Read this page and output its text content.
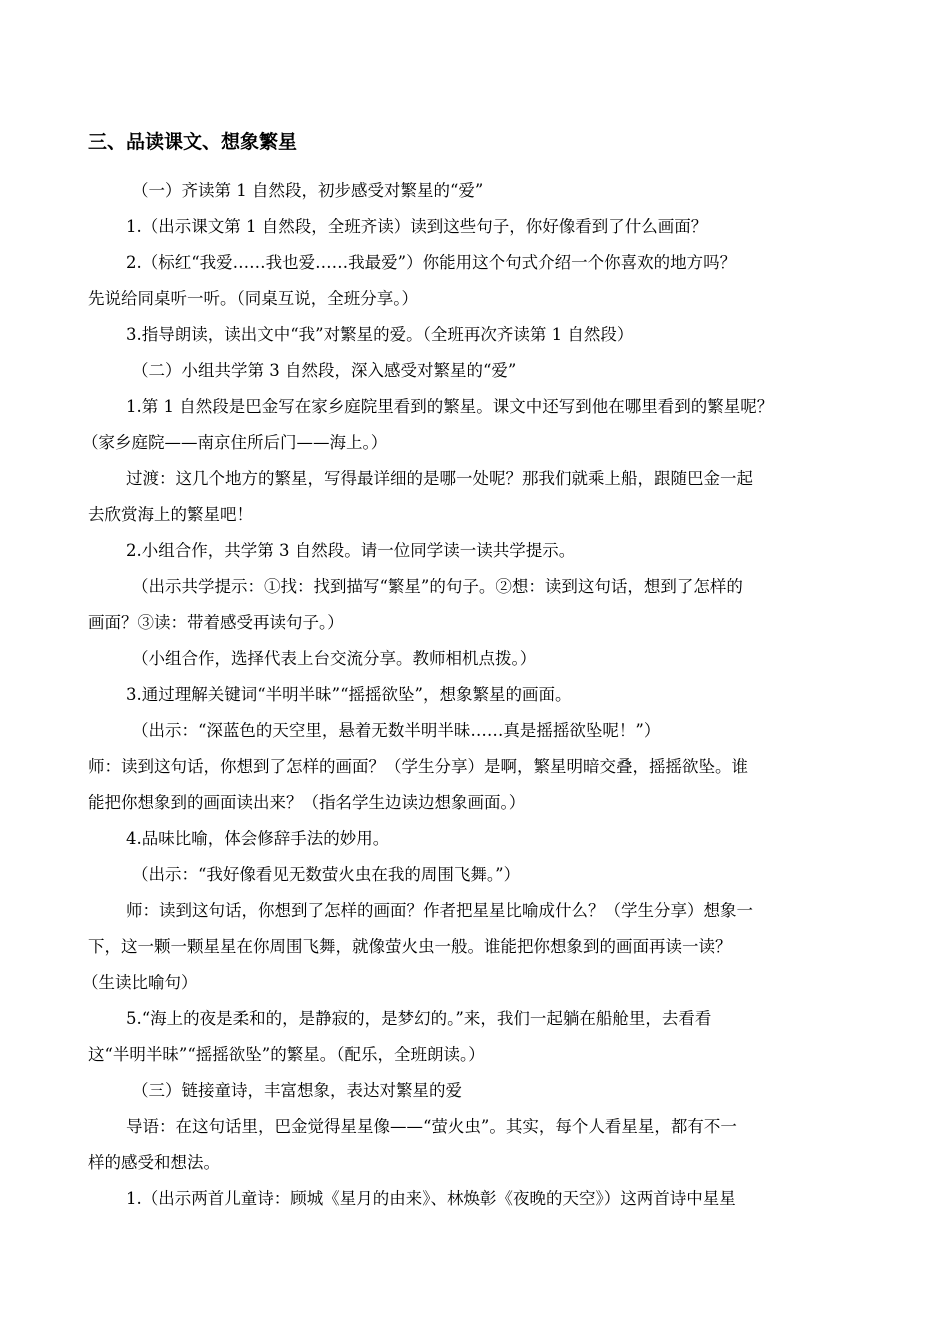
三、品读课文、想象繁星
（一）齐读第 1 自然段，初步感受对繁星的“爱”
1.（出示课文第 1 自然段，全班齐读）读到这些句子，你好像看到了什么画面？
2.（标红“我爱……我也爱……我最爱”）你能用这个句式介绍一个你喜欢的地方吗？
先说给同桌听一听。（同桌互说，全班分享。）
3.指导朗读，读出文中“我”对繁星的爱。（全班再次齐读第 1 自然段）
（二）小组共学第 3 自然段，深入感受对繁星的“爱”
1.第 1 自然段是巴金写在家乡庭院里看到的繁星。课文中还写到他在哪里看到的繁星呢？
（家乡庭院——南京住所后门——海上。）
过渡：这几个地方的繁星，写得最详细的是哪一处呢？那我们就乘上船，跟随巴金一起
去欣赏海上的繁星吧！
2.小组合作，共学第 3 自然段。请一位同学读一读共学提示。
（出示共学提示：①找：找到描写“繁星”的句子。②想：读到这句话，想到了怎样的
画面？③读：带着感受再读句子。）
（小组合作，选择代表上台交流分享。教师相机点拨。）
3.通过理解关键词“半明半昧”“摇摇欲坠”，想象繁星的画面。
（出示：“深蓝色的天空里，悬着无数半明半昧……真是摇摇欲坠呢！”）
师：读到这句话，你想到了怎样的画面？（学生分享）是啊，繁星明暗交叠，摇摇欲坠。谁
能把你想象到的画面读出来？（指名学生边读边想象画面。）
4.品味比喻，体会修辞手法的妙用。
（出示：“我好像看见无数萤火虫在我的周围飞舞。”）
师：读到这句话，你想到了怎样的画面？作者把星星比喻成什么？（学生分享）想象一
下，这一颗一颗星星在你周围飞舞，就像萤火虫一般。谁能把你想象到的画面再读一读？
（生读比喻句）
5.“海上的夜是柔和的，是静寂的，是梦幻的。”来，我们一起躺在船舱里，去看看
这“半明半昧”“摇摇欲坠”的繁星。（配乐，全班朗读。）
（三）链接童诗，丰富想象，表达对繁星的爱
导语：在这句话里，巴金觉得星星像——“萤火虫”。其实，每个人看星星，都有不一
样的感受和想法。
1.（出示两首儿童诗：顾城《星月的由来》、林焕彰《夜晚的天空》）这两首诗中星星
